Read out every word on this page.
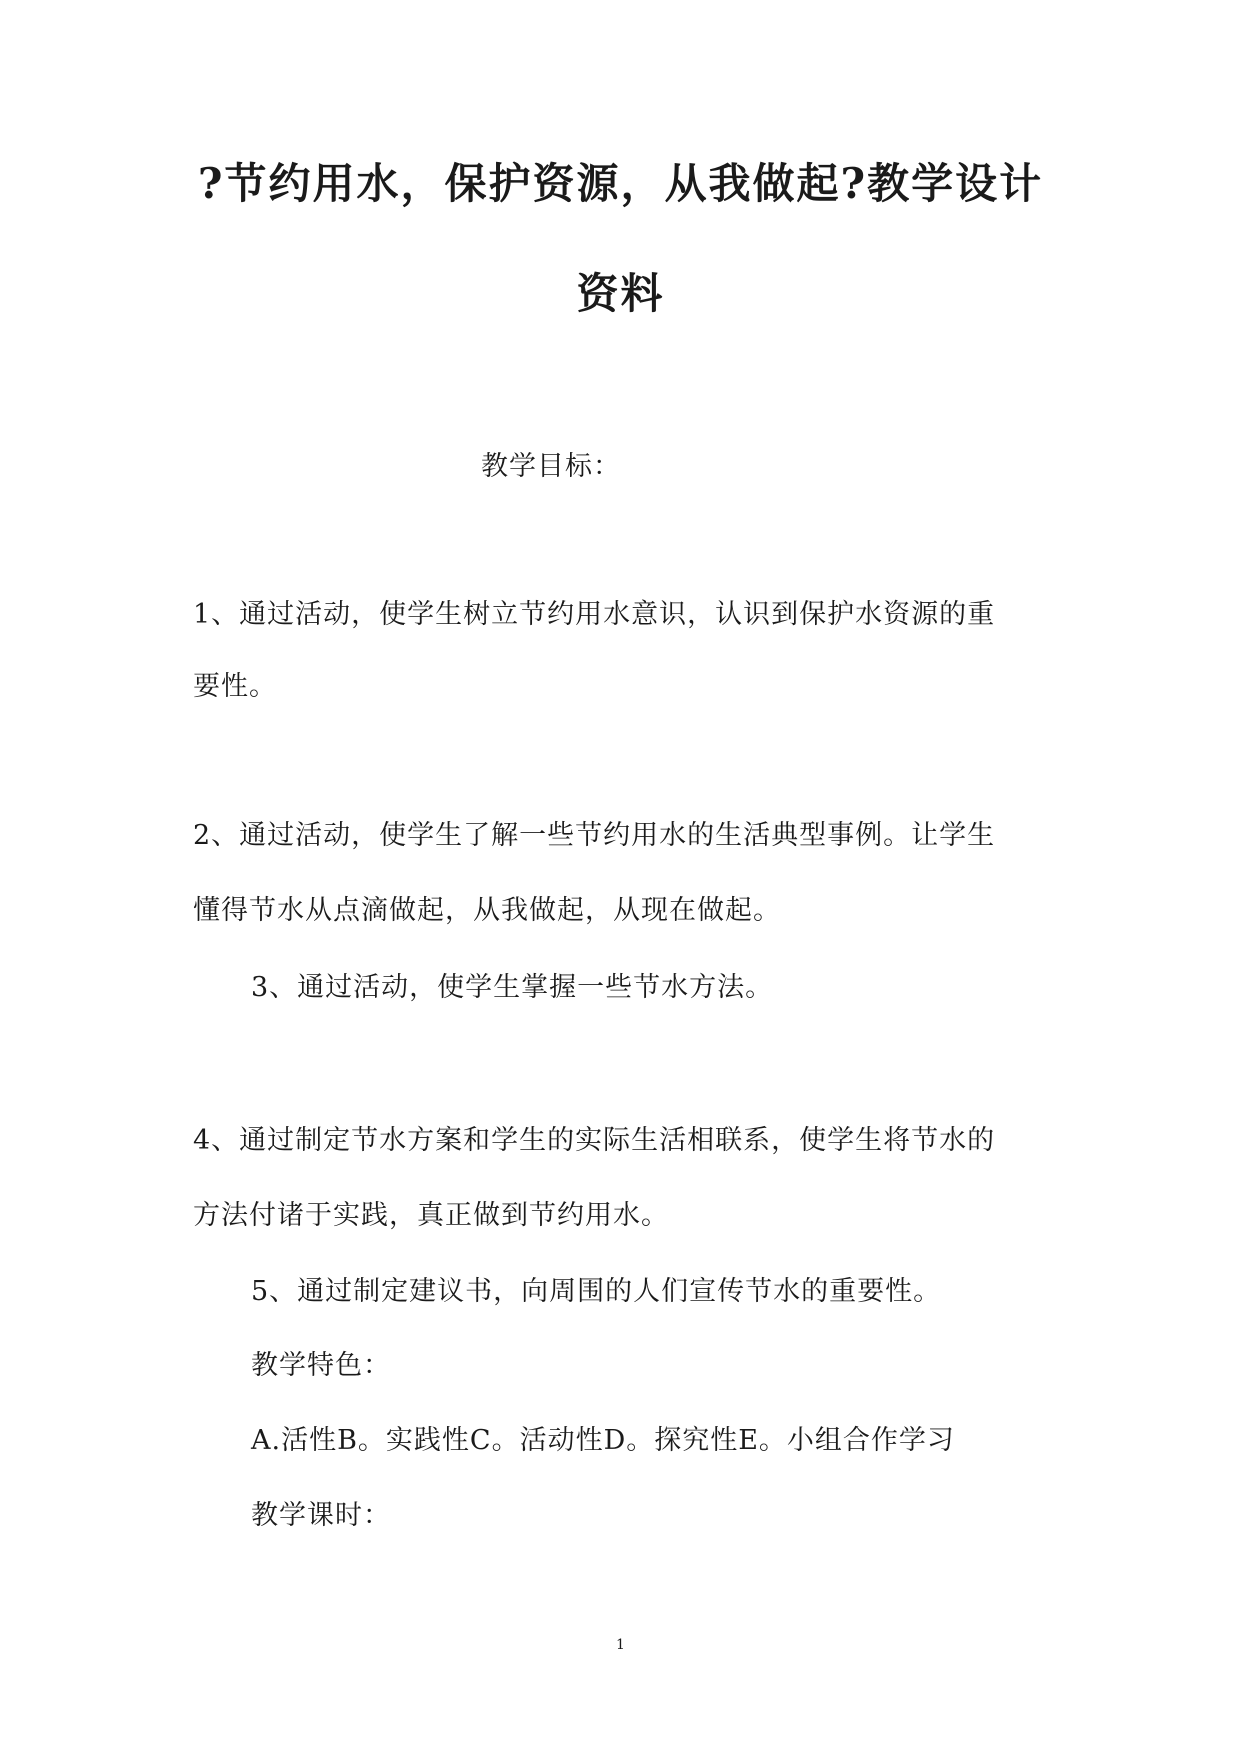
?节约用水，保护资源，从我做起?教学设计
资料

教学目标：

1、通过活动，使学生树立节约用水意识，认识到保护水资源的重

要性。

2、通过活动，使学生了解一些节约用水的生活典型事例。让学生

懂得节水从点滴做起，从我做起，从现在做起。

3、通过活动，使学生掌握一些节水方法。

4、通过制定节水方案和学生的实际生活相联系，使学生将节水的

方法付诸于实践，真正做到节约用水。

5、通过制定建议书，向周围的人们宣传节水的重要性。

教学特色：

A.活性B。实践性C。活动性D。探究性E。小组合作学习

教学课时：

1
